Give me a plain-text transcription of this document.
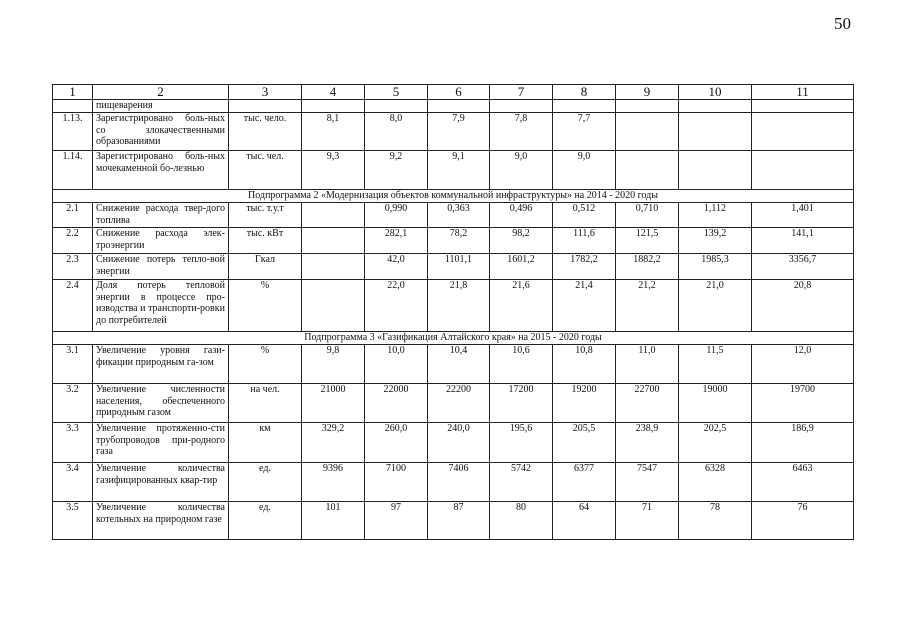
50
1	2	3	4	5	6	7	8	9	10	11
	пищеварения									
1.13.	Зарегистрировано боль-ных со злокачественными образованиями	тыс. чело.	8,1	8,0	7,9	7,8	7,7			
1.14.	Зарегистрировано боль-ных мочекаменной бо-лезнью	тыс. чел.	9,3	9,2	9,1	9,0	9,0			
Подпрограмма 2 «Модернизация объектов коммунальной инфраструктуры» на 2014 - 2020 годы										
2.1	Снижение расхода твер-дого топлива	тыс. т.у.т		0,990	0,363	0,496	0,512	0,710	1,112	1,401
2.2	Снижение расхода элек-троэнергии	тыс. кВт		282,1	78,2	98,2	111,6	121,5	139,2	141,1
2.3	Снижение потерь тепло-вой энергии	Гкал		42,0	1101,1	1601,2	1782,2	1882,2	1985,3	3356,7
2.4	Доля потерь тепловой энергии в процессе про-изводства и транспорти-ровки до потребителей	%		22,0	21,8	21,6	21,4	21,2	21,0	20,8
Подпрограмма 3 «Газификация Алтайского края» на 2015 - 2020 годы										
3.1	Увеличение уровня гази-фикации природным га-зом	%	9,8	10,0	10,4	10,6	10,8	11,0	11,5	12,0
3.2	Увеличение численности населения, обеспеченного природным газом	на чел.	21000	22000	22200	17200	19200	22700	19000	19700
3.3	Увеличение протяженно-сти трубопроводов при-родного газа	км	329,2	260,0	240,0	195,6	205,5	238,9	202,5	186,9
3.4	Увеличение количества газифицированных квар-тир	ед.	9396	7100	7406	5742	6377	7547	6328	6463
3.5	Увеличение количества котельных на природном газе	ед.	101	97	87	80	64	71	78	76
